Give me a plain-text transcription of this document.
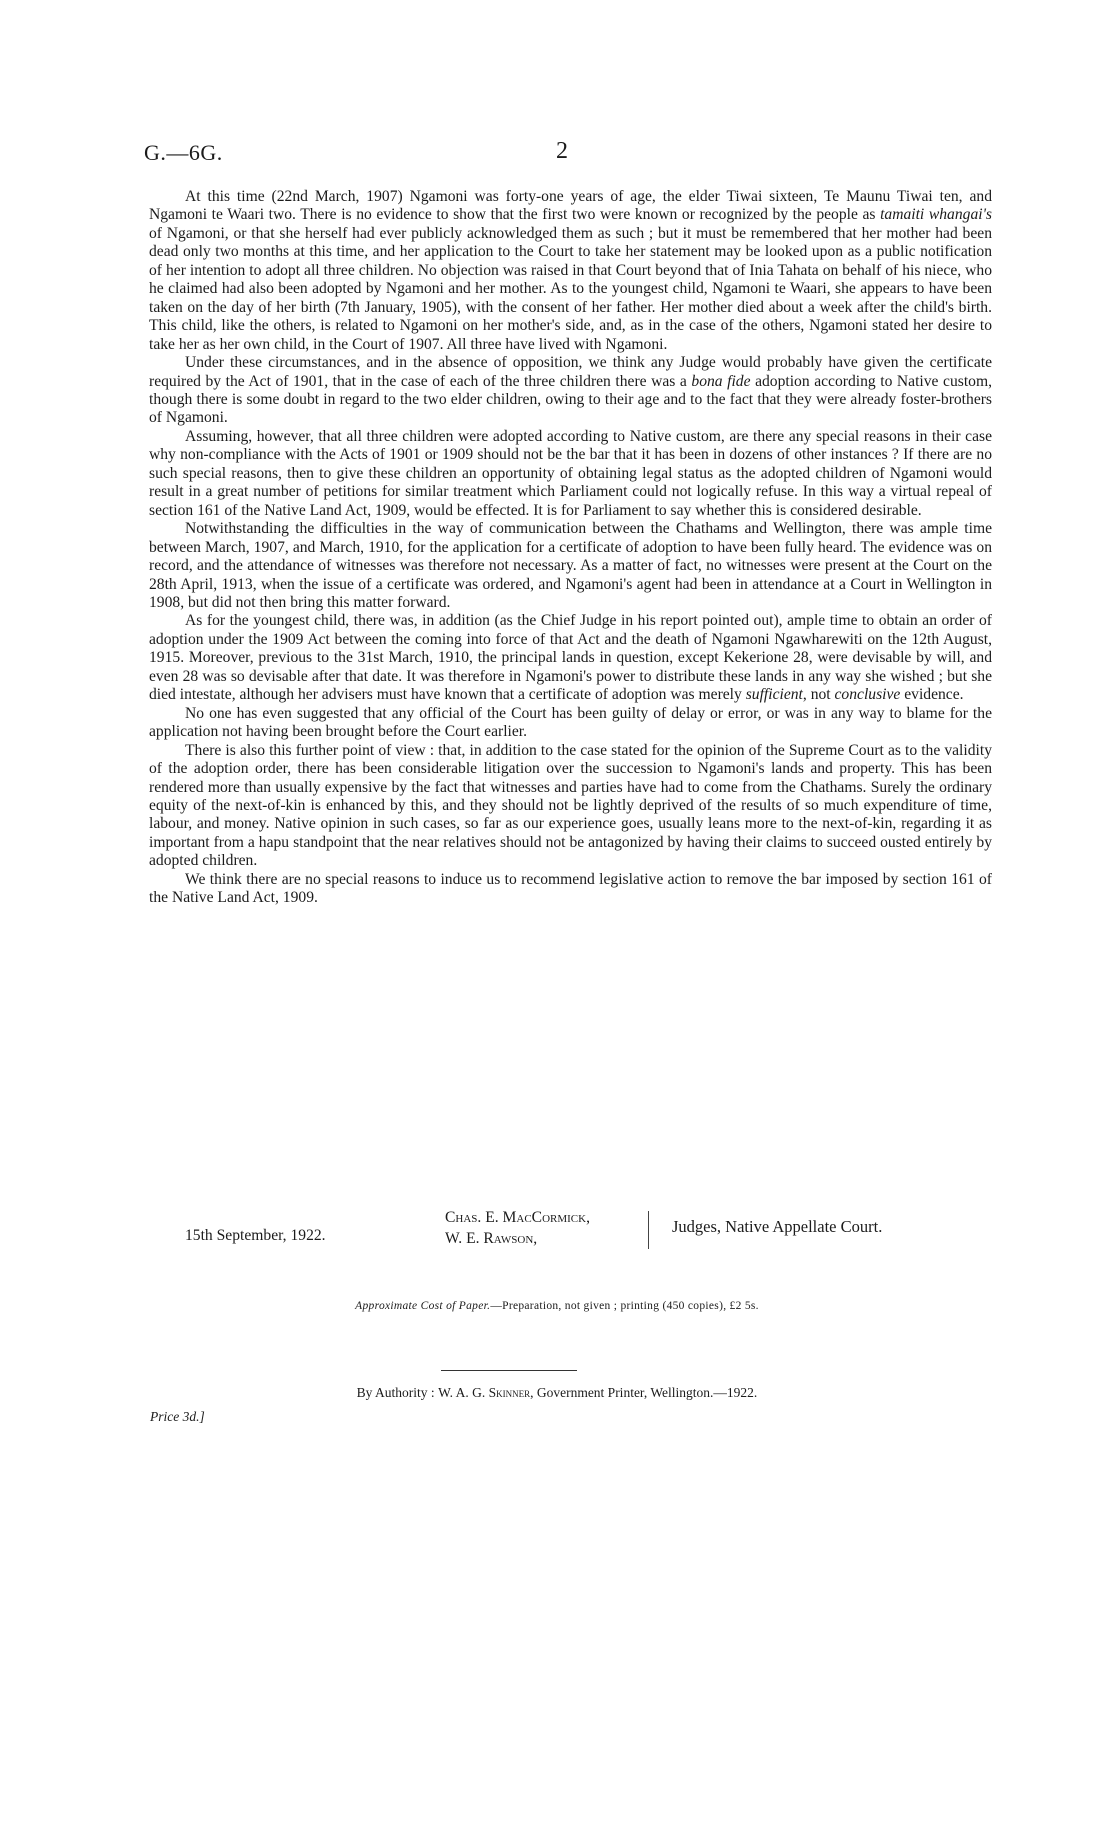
G.—6G.	2

At this time (22nd March, 1907) Ngamoni was forty-one years of age, the elder Tiwai sixteen, Te Maunu Tiwai ten, and Ngamoni te Waari two. There is no evidence to show that the first two were known or recognized by the people as tamaiti whangai's of Ngamoni, or that she herself had ever publicly acknowledged them as such ; but it must be remembered that her mother had been dead only two months at this time, and her application to the Court to take her statement may be looked upon as a public notification of her intention to adopt all three children. No objection was raised in that Court beyond that of Inia Tahata on behalf of his niece, who he claimed had also been adopted by Ngamoni and her mother. As to the youngest child, Ngamoni te Waari, she appears to have been taken on the day of her birth (7th January, 1905), with the consent of her father. Her mother died about a week after the child's birth. This child, like the others, is related to Ngamoni on her mother's side, and, as in the case of the others, Ngamoni stated her desire to take her as her own child, in the Court of 1907. All three have lived with Ngamoni.

Under these circumstances, and in the absence of opposition, we think any Judge would probably have given the certificate required by the Act of 1901, that in the case of each of the three children there was a bona fide adoption according to Native custom, though there is some doubt in regard to the two elder children, owing to their age and to the fact that they were already foster-brothers of Ngamoni.

Assuming, however, that all three children were adopted according to Native custom, are there any special reasons in their case why non-compliance with the Acts of 1901 or 1909 should not be the bar that it has been in dozens of other instances ? If there are no such special reasons, then to give these children an opportunity of obtaining legal status as the adopted children of Ngamoni would result in a great number of petitions for similar treatment which Parliament could not logically refuse. In this way a virtual repeal of section 161 of the Native Land Act, 1909, would be effected. It is for Parliament to say whether this is considered desirable.

Notwithstanding the difficulties in the way of communication between the Chathams and Wellington, there was ample time between March, 1907, and March, 1910, for the application for a certificate of adoption to have been fully heard. The evidence was on record, and the attendance of witnesses was therefore not necessary. As a matter of fact, no witnesses were present at the Court on the 28th April, 1913, when the issue of a certificate was ordered, and Ngamoni's agent had been in attendance at a Court in Wellington in 1908, but did not then bring this matter forward.

As for the youngest child, there was, in addition (as the Chief Judge in his report pointed out), ample time to obtain an order of adoption under the 1909 Act between the coming into force of that Act and the death of Ngamoni Ngawharewiti on the 12th August, 1915. Moreover, previous to the 31st March, 1910, the principal lands in question, except Kekerione 28, were devisable by will, and even 28 was so devisable after that date. It was therefore in Ngamoni's power to distribute these lands in any way she wished ; but she died intestate, although her advisers must have known that a certificate of adoption was merely sufficient, not conclusive evidence.

No one has even suggested that any official of the Court has been guilty of delay or error, or was in any way to blame for the application not having been brought before the Court earlier.

There is also this further point of view : that, in addition to the case stated for the opinion of the Supreme Court as to the validity of the adoption order, there has been considerable litigation over the succession to Ngamoni's lands and property. This has been rendered more than usually expensive by the fact that witnesses and parties have had to come from the Chathams. Surely the ordinary equity of the next-of-kin is enhanced by this, and they should not be lightly deprived of the results of so much expenditure of time, labour, and money. Native opinion in such cases, so far as our experience goes, usually leans more to the next-of-kin, regarding it as important from a hapu standpoint that the near relatives should not be antagonized by having their claims to succeed ousted entirely by adopted children.

We think there are no special reasons to induce us to recommend legislative action to remove the bar imposed by section 161 of the Native Land Act, 1909.

15th September, 1922.
Chas. E. MacCormick,
W. E. Rawson,
Judges, Native Appellate Court.
Approximate Cost of Paper.—Preparation, not given ; printing (450 copies), £2 5s.
By Authority : W. A. G. Skinner, Government Printer, Wellington.—1922.
Price 3d.]
